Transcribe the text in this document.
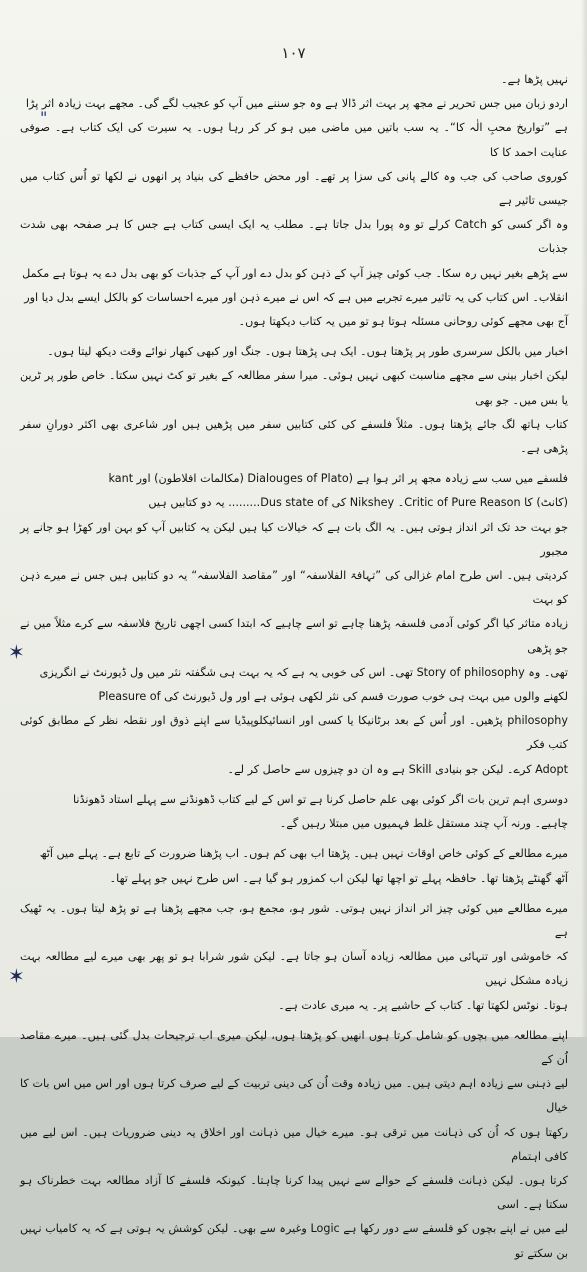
۱۰۷
"
✶
✶

نہیں پڑھا ہے۔

اردو زبان میں جس تحریر نے مجھ پر بہت اثر ڈالا ہے وہ جو سننے میں آپ کو عجیب لگے گی۔ مجھے بہت زیادہ اثر پڑا

ہے ”تواریخ محبِ الٰہ کا“۔ یہ سب باتیں میں ماضی میں ہو کر کر رہا ہوں۔ یہ سیرت کی ایک کتاب ہے۔ صوفی عنایت احمد کا کا

کوروی صاحب کی جب وہ کالے پانی کی سزا پر تھے۔ اور محض حافظے کی بنیاد پر انھوں نے لکھا تو اُس کتاب میں جیسی تاثیر ہے

وہ اگر کسی کو Catch کرلے تو وہ پورا بدل جاتا ہے۔ مطلب یہ ایک ایسی کتاب ہے جس کا ہر صفحہ بھی شدت جذبات

سے پڑھے بغیر نہیں رہ سکا۔ جب کوئی چیز آپ کے ذہن کو بدل دے اور آپ کے جذبات کو بھی بدل دے یہ ہوتا ہے مکمل

انقلاب۔ اس کتاب کی یہ تاثیر میرے تجربے میں ہے کہ اس نے میرے ذہن اور میرے احساسات کو بالکل ایسے بدل دیا اور

آج بھی مجھے کوئی روحانی مسئلہ ہوتا ہو تو میں یہ کتاب دیکھتا ہوں۔

اخبار میں بالکل سرسری طور پر پڑھتا ہوں۔ ایک ہی پڑھتا ہوں۔ جنگ اور کبھی کبھار نوائے وقت دیکھ لیتا ہوں۔

لیکن اخبار بینی سے مجھے مناسبت کبھی نہیں ہوئی۔ میرا سفر مطالعہ کے بغیر تو کٹ نہیں سکتا۔ خاص طور پر ٹرین یا بس میں۔ جو بھی

کتاب ہاتھ لگ جائے پڑھتا ہوں۔ مثلاً فلسفے کی کئی کتابیں سفر میں پڑھیں ہیں اور شاعری بھی اکثر دورانِ سفر پڑھی ہے۔

فلسفے میں سب سے زیادہ مجھ پر اثر ہوا ہے (Dialouges of Plato (مکالمات افلاطون) اور kant

(کانٹ) کا Critic of Pure Reason۔ Nikshey کی Dus state of......... یہ دو کتابیں ہیں

جو بہت حد تک اثر انداز ہوتی ہیں۔ یہ الگ بات ہے کہ خیالات کیا ہیں لیکن یہ کتابیں آپ کو بہن اور کھڑا ہو جانے پر مجبور

کردیتی ہیں۔ اس طرح امام غزالی کی ”تہافۃ الفلاسفہ“ اور ”مقاصد الفلاسفہ“ یہ دو کتابیں ہیں جس نے میرے ذہن کو بہت

زیادہ متاثر کیا اگر کوئی آدمی فلسفہ پڑھنا چاہے تو اسے چاہیے کہ ابتدا کسی اچھی تاریخ فلاسفہ سے کرے مثلاً میں نے جو پڑھی

تھی۔ وہ Story of philosophy تھی۔ اس کی خوبی یہ ہے کہ یہ بہت ہی شگفتہ نثر میں ول ڈیورنٹ نے انگریزی

لکھنے والوں میں بہت ہی خوب صورت قسم کی نثر لکھی ہوئی ہے اور ول ڈیورنٹ کی Pleasure of

philosophy پڑھیں۔ اور اُس کے بعد برٹانیکا یا کسی اور انسائیکلوپیڈیا سے اپنے ذوق اور نقطہ نظر کے مطابق کوئی کتب فکر

Adopt کرے۔ لیکن جو بنیادی Skill ہے وہ ان دو چیزوں سے حاصل کر لے۔

دوسری اہم ترین بات اگر کوئی بھی علم حاصل کرنا ہے تو اس کے لیے کتاب ڈھونڈنے سے پہلے استاد ڈھونڈنا

چاہیے۔ ورنہ آپ چند مستقل غلط فہمیوں میں مبتلا رہیں گے۔

میرے مطالعے کے کوئی خاص اوقات نہیں ہیں۔ پڑھتا اب بھی کم ہوں۔ اب پڑھنا ضرورت کے تابع ہے۔ پہلے میں آٹھ

آٹھ گھنٹے پڑھتا تھا۔ حافظہ پہلے تو اچھا تھا لیکن اب کمزور ہو گیا ہے۔ اس طرح نہیں جو پہلے تھا۔

میرے مطالعے میں کوئی چیز اثر انداز نہیں ہوتی۔ شور ہو، مجمع ہو، جب مجھے پڑھنا ہے تو پڑھ لیتا ہوں۔ یہ ٹھیک ہے

کہ خاموشی اور تنہائی میں مطالعہ زیادہ آسان ہو جاتا ہے۔ لیکن شور شرابا ہو تو پھر بھی میرے لیے مطالعہ بہت زیادہ مشکل نہیں

ہوتا۔ نوٹس لکھتا تھا۔ کتاب کے حاشیے پر۔ یہ میری عادت ہے۔

اپنے مطالعہ میں بچوں کو شامل کرتا ہوں انھیں کو پڑھتا ہوں، لیکن میری اب ترجیحات بدل گئی ہیں۔ میرے مقاصد اُن کے

لیے ذہنی سے زیادہ اہم دیتی ہیں۔ میں زیادہ وقت اُن کی دینی تربیت کے لیے صرف کرتا ہوں اور اس میں اس بات کا خیال

رکھتا ہوں کہ اُن کی ذہانت میں ترقی ہو۔ میرے خیال میں ذہانت اور اخلاق یہ دینی ضروریات ہیں۔ اس لیے میں کافی اہتمام

کرتا ہوں۔ لیکن ذہانت فلسفے کے حوالے سے نہیں پیدا کرنا چاہتا۔ کیونکہ فلسفے کا آزاد مطالعہ بہت خطرناک ہو سکتا ہے۔ اسی

لیے میں نے اپنے بچوں کو فلسفے سے دور رکھا ہے Logic وغیرہ سے بھی۔ لیکن کوشش یہ ہوتی ہے کہ یہ کامیاب نہیں بن سکتے تو
